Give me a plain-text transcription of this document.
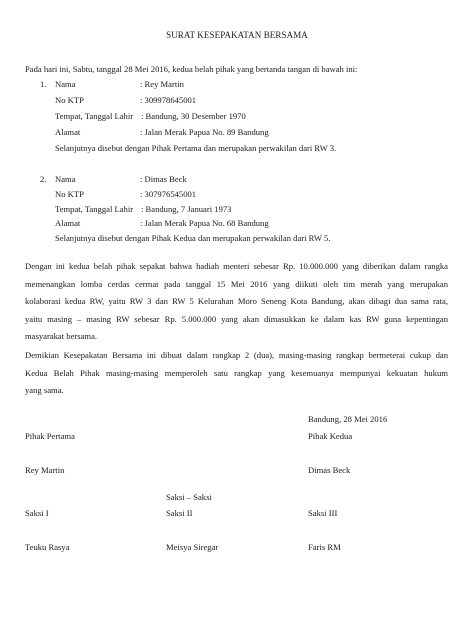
SURAT KESEPAKATAN BERSAMA
Pada hari ini, Sabtu, tanggal 28 Mei 2016, kedua belah pihak yang bertanda tangan di bawah ini:
1. Nama	: Rey Martin
No KTP	: 309978645001
Tempat, Tanggal Lahir : Bandung, 30 Desember 1970
Alamat	: Jalan Merak Papua No. 89 Bandung
Selanjutnya disebut dengan Pihak Pertama dan merupakan perwakilan dari RW 3.
2. Nama	: Dimas Beck
No KTP	: 307976545001
Tempat, Tanggal Lahir : Bandung, 7 Januari 1973
Alamat	: Jalan Merak Papua No. 68 Bandung
Selanjutnya disebut dengan Pihak Kedua dan merupakan perwakilan dari RW 5.
Dengan ini kedua belah pihak sepakat bahwa hadiah menteri sebesar Rp. 10.000.000 yang diberikan dalam rangka
memenangkan lomba cerdas cermat pada tanggal 15 Mei 2016 yang diikuti oleh tim merah yang merupakan
kolaborasi kedua RW, yaitu RW 3 dan RW 5 Kelurahan Moro Seneng Kota Bandung, akan dibagi dua sama rata,
yaitu masing – masing RW sebesar Rp. 5.000.000 yang akan dimasukkan ke dalam kas RW guna kepentingan
masyarakat bersama.
Demikian Kesepakatan Bersama ini dibuat dalam rangkap 2 (dua), masing-masing rangkap bermeterai cukup dan
Kedua Belah Pihak masing-masing memperoleh satu rangkap yang kesemuanya mempunyai kekuatan hukum
yang sama.
Bandung, 28 Mei 2016
Pihak Pertama	Pihak Kedua
Rey Martin	Dimas Beck
Saksi – Saksi
Saksi I	Saksi II	Saksi III
Teuku Rasya	Meisya Siregar	Faris RM
